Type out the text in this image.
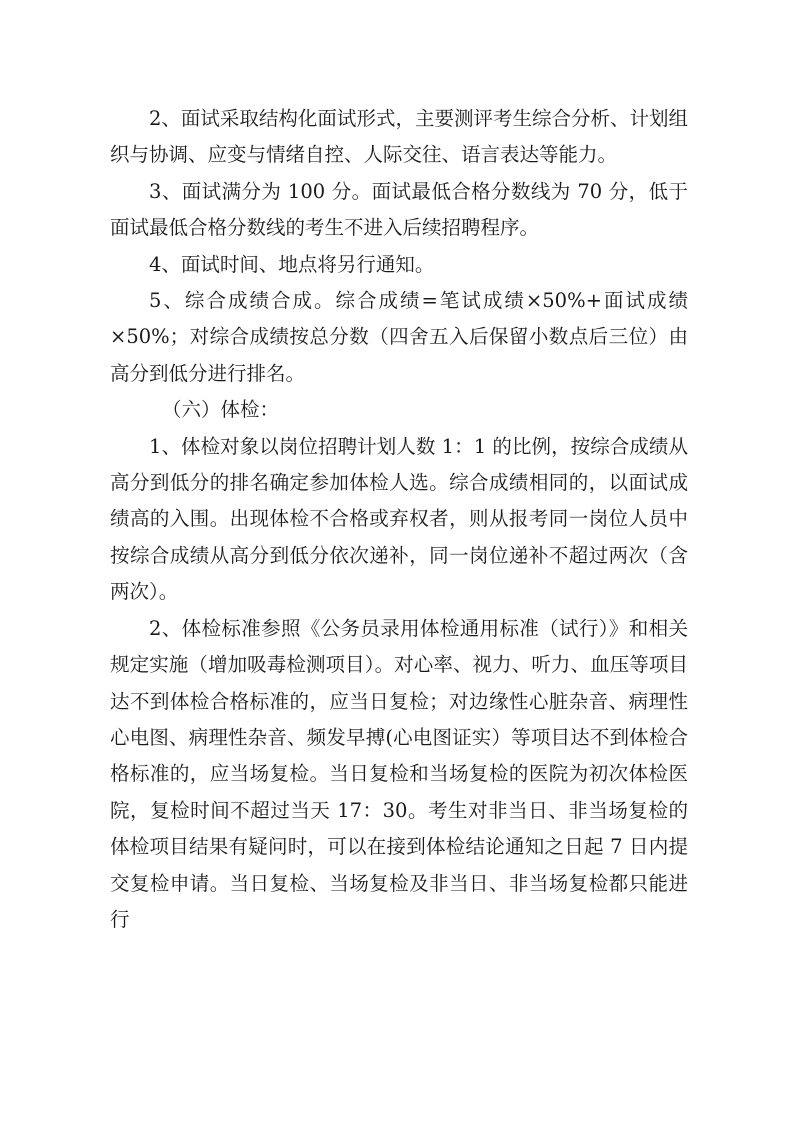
2、面试采取结构化面试形式，主要测评考生综合分析、计划组织与协调、应变与情绪自控、人际交往、语言表达等能力。

3、面试满分为 100 分。面试最低合格分数线为 70 分，低于面试最低合格分数线的考生不进入后续招聘程序。

4、面试时间、地点将另行通知。

5、综合成绩合成。综合成绩=笔试成绩×50%+面试成绩×50%；对综合成绩按总分数（四舍五入后保留小数点后三位）由高分到低分进行排名。

（六）体检：

1、体检对象以岗位招聘计划人数 1：1 的比例，按综合成绩从高分到低分的排名确定参加体检人选。综合成绩相同的，以面试成绩高的入围。出现体检不合格或弃权者，则从报考同一岗位人员中按综合成绩从高分到低分依次递补，同一岗位递补不超过两次（含两次）。

2、体检标准参照《公务员录用体检通用标准（试行）》和相关规定实施（增加吸毒检测项目）。对心率、视力、听力、血压等项目达不到体检合格标准的，应当日复检；对边缘性心脏杂音、病理性心电图、病理性杂音、频发早搏(心电图证实）等项目达不到体检合格标准的，应当场复检。当日复检和当场复检的医院为初次体检医院，复检时间不超过当天 17：30。考生对非当日、非当场复检的体检项目结果有疑问时，可以在接到体检结论通知之日起 7 日内提交复检申请。当日复检、当场复检及非当日、非当场复检都只能进行
